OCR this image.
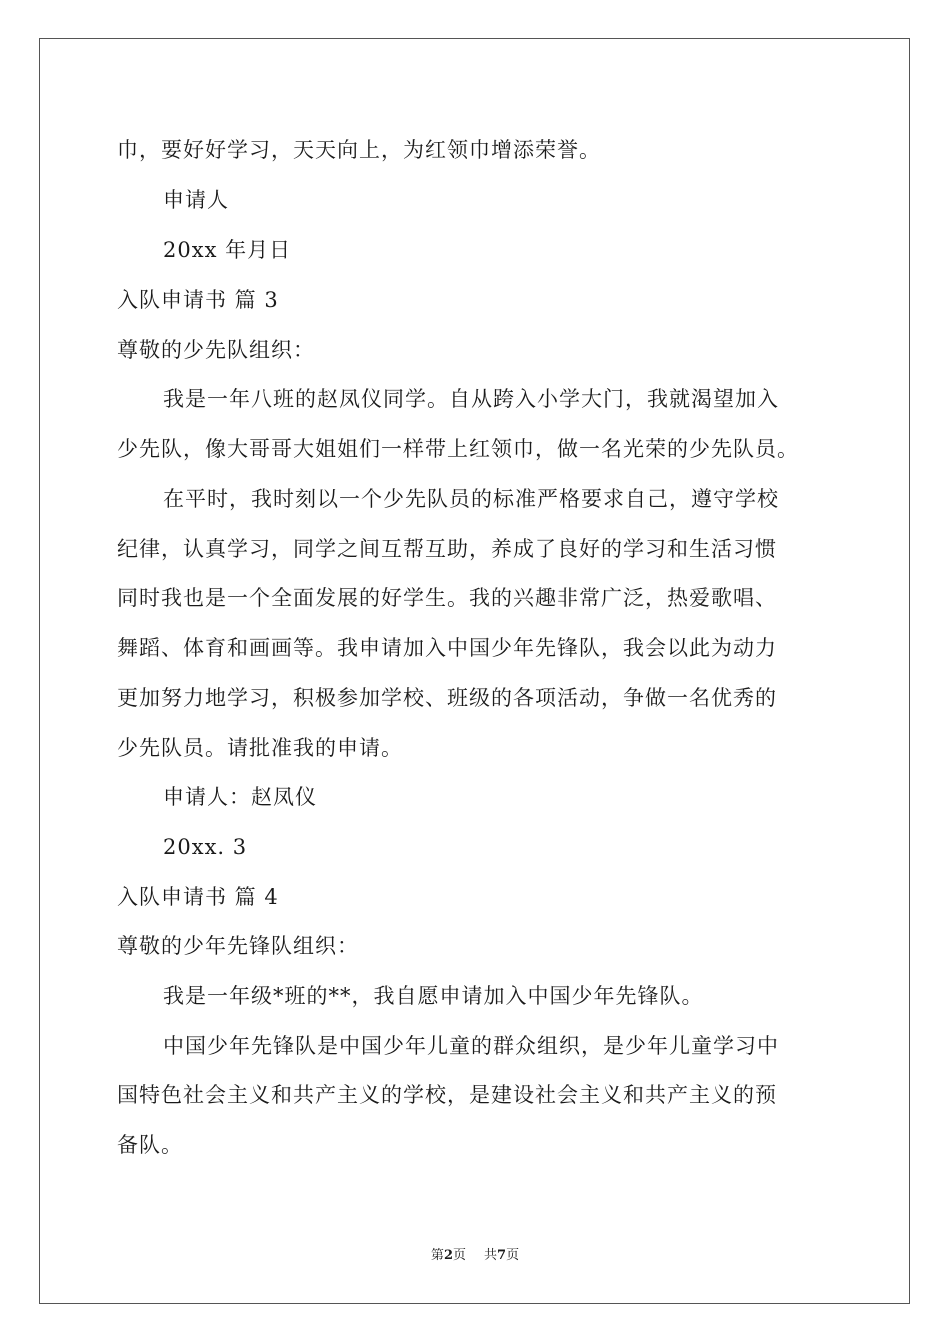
巾，要好好学习，天天向上，为红领巾增添荣誉。
申请人
20xx 年月日
入队申请书 篇 3
尊敬的少先队组织：
我是一年八班的赵凤仪同学。自从跨入小学大门，我就渴望加入
少先队，像大哥哥大姐姐们一样带上红领巾，做一名光荣的少先队员。
在平时，我时刻以一个少先队员的标准严格要求自己，遵守学校
纪律，认真学习，同学之间互帮互助，养成了良好的学习和生活习惯
同时我也是一个全面发展的好学生。我的兴趣非常广泛，热爱歌唱、
舞蹈、体育和画画等。我申请加入中国少年先锋队，我会以此为动力
更加努力地学习，积极参加学校、班级的各项活动，争做一名优秀的
少先队员。请批准我的申请。
申请人：赵凤仪
20xx. 3
入队申请书 篇 4
尊敬的少年先锋队组织：
我是一年级*班的**，我自愿申请加入中国少年先锋队。
中国少年先锋队是中国少年儿童的群众组织，是少年儿童学习中
国特色社会主义和共产主义的学校，是建设社会主义和共产主义的预
备队。
第2页 共7页
